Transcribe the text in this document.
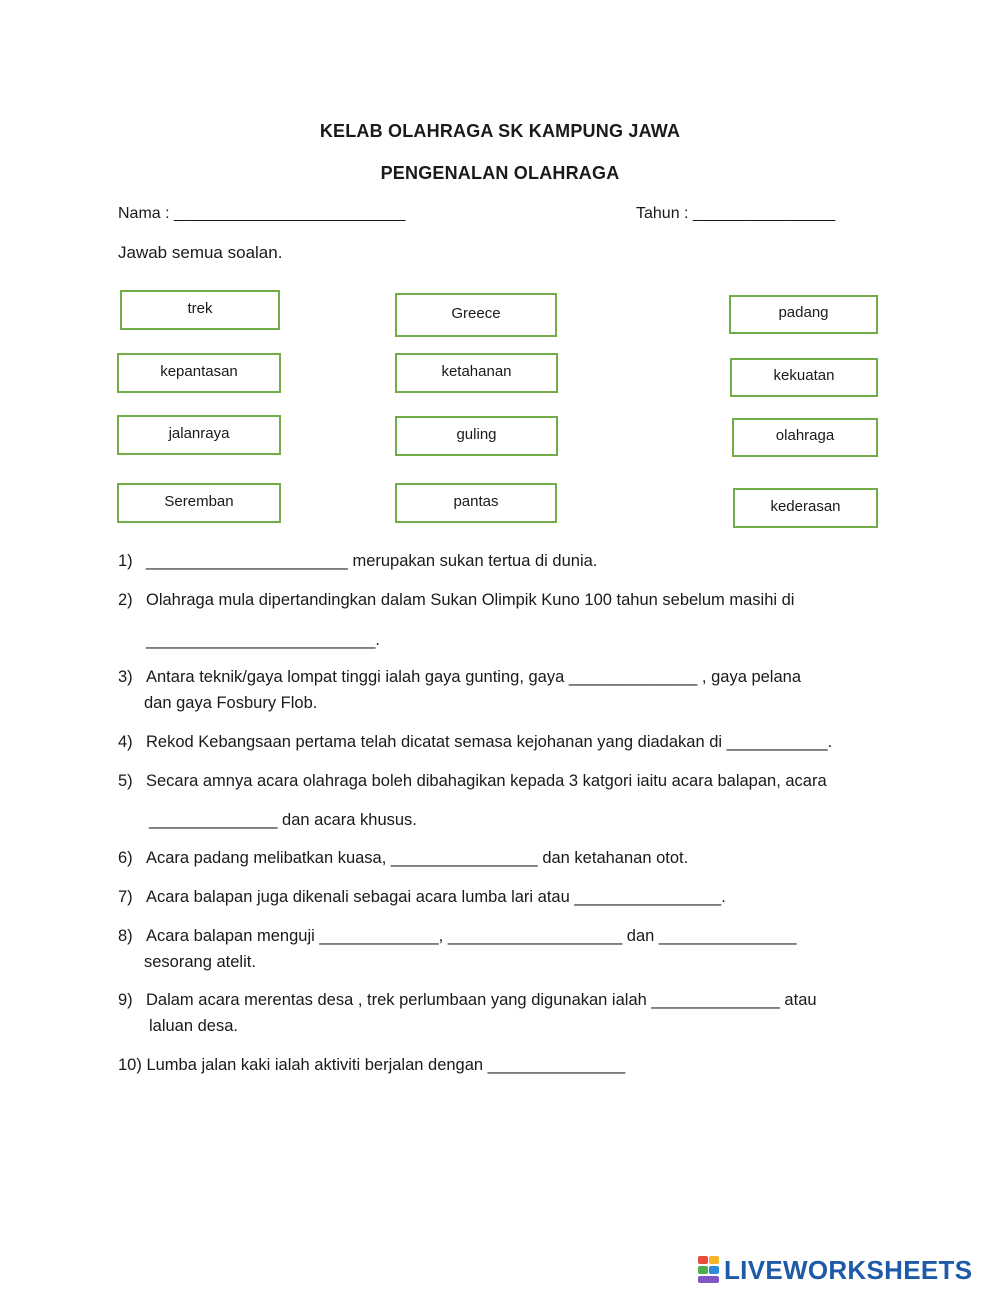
KELAB OLAHRAGA SK KAMPUNG JAWA
PENGENALAN OLAHRAGA
Nama : __________________________	Tahun : ________________
Jawab semua soalan.
trek	Greece	padang
kepantasan	ketahanan	kekuatan
jalanraya	guling	olahraga
Seremban	pantas	kederasan
1) ______________________ merupakan sukan tertua di dunia.
2) Olahraga mula dipertandingkan dalam Sukan Olimpik Kuno 100 tahun sebelum masihi di
_________________________.
3) Antara teknik/gaya lompat tinggi ialah gaya gunting, gaya ______________ , gaya pelana
dan gaya Fosbury Flob.
4) Rekod Kebangsaan pertama telah dicatat semasa kejohanan yang diadakan di ___________.
5) Secara amnya acara olahraga boleh dibahagikan kepada 3 katgori iaitu acara balapan, acara
______________ dan acara khusus.
6) Acara padang melibatkan kuasa, ________________ dan ketahanan otot.
7) Acara balapan juga dikenali sebagai acara lumba lari atau ________________.
8) Acara balapan menguji _____________, ___________________ dan _______________
sesorang atelit.
9) Dalam acara merentas desa , trek perlumbaan yang digunakan ialah ______________ atau
laluan desa.
10) Lumba jalan kaki ialah aktiviti berjalan dengan _______________
LIVEWORKSHEETS
